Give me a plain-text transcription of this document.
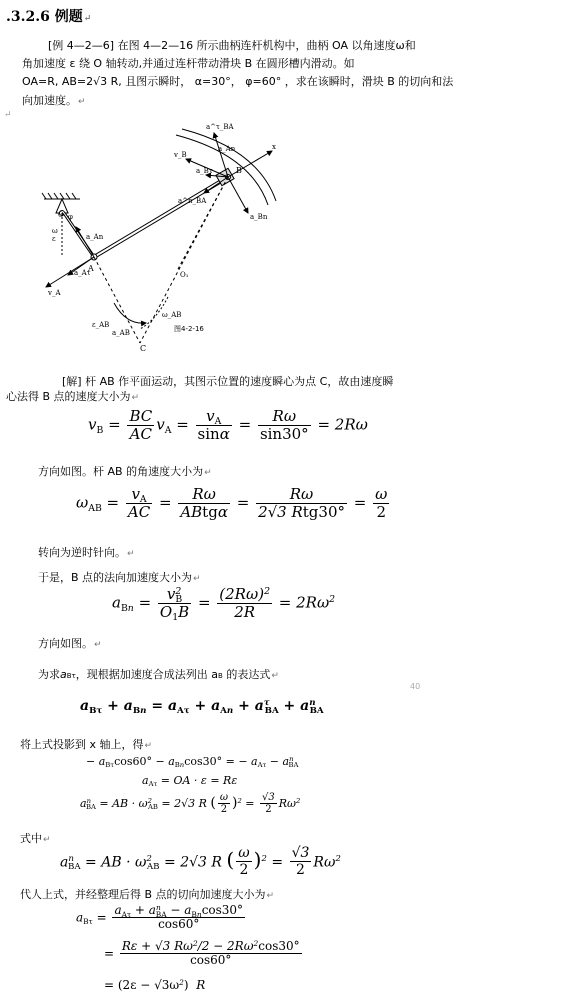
.3.2.6 例题↵
[例 4—2—6] 在图 4—2—16 所示曲柄连杆机构中，曲柄 OA 以角速度ω和
角加速度 ε 绕 O 轴转动,并通过连杆带动滑块 B 在圆形槽内滑动。如
OA=R, AB=2√3 R, 且图示瞬时， α=30°， φ=60° ，求在该瞬时，滑块 B 的切向和法
向加速度。↵
↵
O φ
ω
ε
A
B
x
C
O₁
v_A
v_B
a^τ_BA
a_An
a_Bτ
a^n_BA
a_Bn
a_An
a_Aτ
ε_AB
ω_AB
a_AB	图4-2-16
[解] 杆 AB 作平面运动，其图示位置的速度瞬心为点 C，故由速度瞬
心法得 B 点的速度大小为↵
$v_B = \frac{BC}{AC} v_A = \frac{v_A}{\sin\alpha} = \frac{R\omega}{\sin 30^\circ} = 2R\omega$
方向如图。杆 AB 的角速度大小为↵
$\omega_{AB} = \frac{v_A}{AC} = \frac{R\omega}{\text{ABtgα}} = \frac{R\omega}{\text{2√3 Rtg30°}} = \frac{\omega}{2}$
转向为逆时针向。↵
于是，B 点的法向加速度大小为↵
$a_{Bn} = \frac{v^2_B}{O_1B} = \frac{(2R\omega)^2}{2R} = 2R\omega^2$
方向如图。↵
为求aBτ，现根据加速度合成法列出 aB 的表达式↵
40
$a_{B\tau} + a_{Bn} = a_{A\tau} + a_{An} + a^\tau_{BA} + a^n_{BA}$
将上式投影到 x 轴上，得↵
− $a_{B\tau}\cos 60^\circ - a_{Bn}\cos 30^\circ$ = − $a_{A\tau} - a^n_{BA}$
$a_{A\tau}$ = OA · ε = Rε
$a^n_{BA}$ = AB · $\omega^2_{AB} = 2√3$ R ( $\frac{\omega}{2} )^2 = \frac{√3}{2} R\omega^2$
式中↵
$a^n_{BA}$ = AB · $\omega^2_{AB} = 2√3$ R ( $\frac{\omega}{2} )^2 = \frac{√3}{2} R\omega^2$
代人上式，并经整理后得 B 点的切向加速度大小为↵
$a_{B\tau} = \frac{a_{A\tau} + a^n_{BA} - a_{Bn}\cos 30^\circ}{\cos 60^\circ}$
= $\frac{R\varepsilon + √3 R\omega^2/2 - 2R\omega^2\cos 30^\circ}{\cos 60^\circ}$
= $(2\varepsilon - √3\omega^2)$  R
